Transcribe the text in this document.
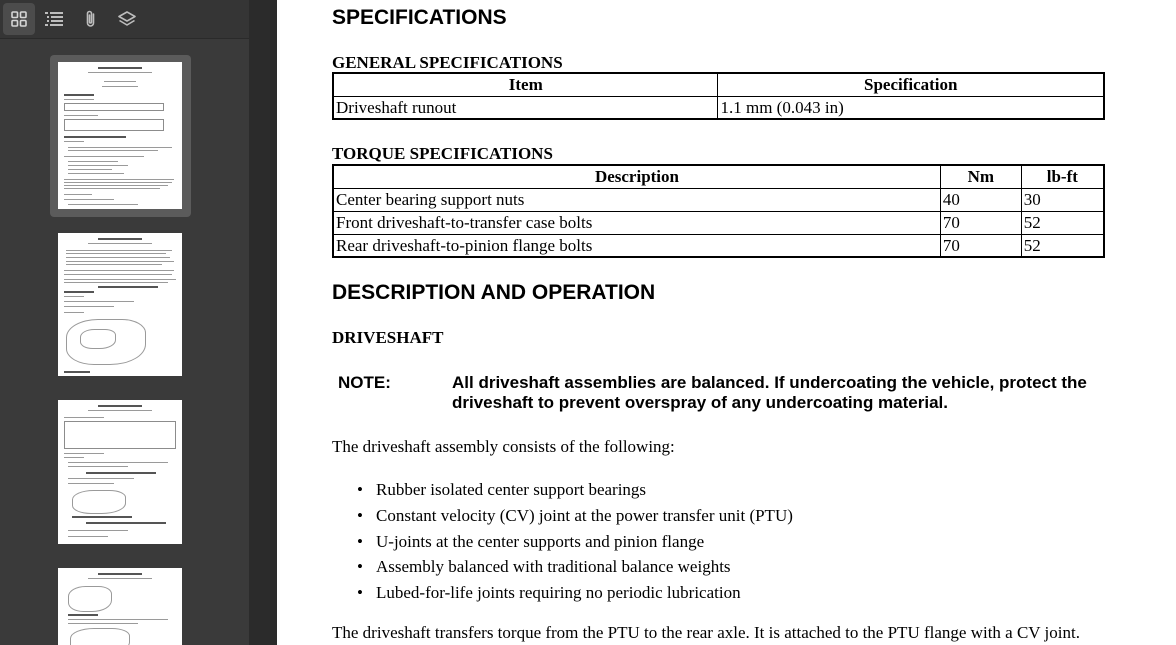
SPECIFICATIONS
GENERAL SPECIFICATIONS
Item	Specification
Driveshaft runout	1.1 mm (0.043 in)
TORQUE SPECIFICATIONS
Description	Nm	lb-ft
Center bearing support nuts	40	30
Front driveshaft-to-transfer case bolts	70	52
Rear driveshaft-to-pinion flange bolts	70	52
DESCRIPTION AND OPERATION
DRIVESHAFT
NOTE:	All driveshaft assemblies are balanced. If undercoating the vehicle, protect the driveshaft to prevent overspray of any undercoating material.
The driveshaft assembly consists of the following:
• Rubber isolated center support bearings
• Constant velocity (CV) joint at the power transfer unit (PTU)
• U-joints at the center supports and pinion flange
• Assembly balanced with traditional balance weights
• Lubed-for-life joints requiring no periodic lubrication
The driveshaft transfers torque from the PTU to the rear axle. It is attached to the PTU flange with a CV joint.
